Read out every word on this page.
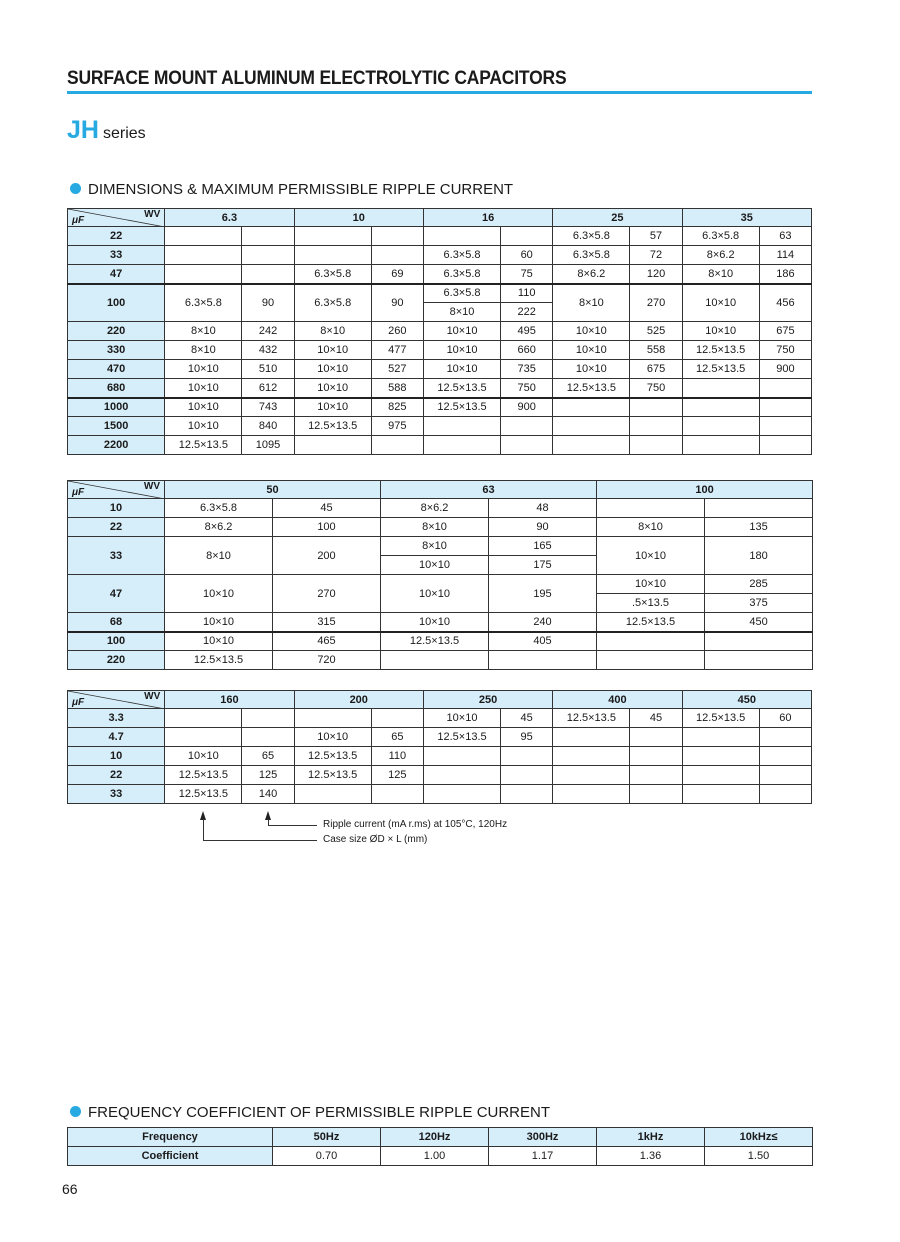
SURFACE MOUNT ALUMINUM ELECTROLYTIC CAPACITORS
JH series
DIMENSIONS & MAXIMUM PERMISSIBLE RIPPLE CURRENT
WV
μF	6.3		10		16		25		35	
22							6.3×5.8	57	6.3×5.8	63
33					6.3×5.8	60	6.3×5.8	72	8×6.2	114
47			6.3×5.8	69	6.3×5.8	75	8×6.2	120	8×10	186
100	6.3×5.8	90	6.3×5.8	90	6.3×5.8	110	8×10	270	10×10	456
					8×10	222				
220	8×10	242	8×10	260	10×10	495	10×10	525	10×10	675
330	8×10	432	10×10	477	10×10	660	10×10	558	12.5×13.5	750
470	10×10	510	10×10	527	10×10	735	10×10	675	12.5×13.5	900
680	10×10	612	10×10	588	12.5×13.5	750	12.5×13.5	750		
1000	10×10	743	10×10	825	12.5×13.5	900				
1500	10×10	840	12.5×13.5	975						
2200	12.5×13.5	1095								
WV
μF	50		63		100	
10	6.3×5.8	45	8×6.2	48		
22	8×6.2	100	8×10	90	8×10	135
33	8×10	200	8×10	165	10×10	180
			10×10	175		
47	10×10	270	10×10	195	10×10	285
					.5×13.5	375
68	10×10	315	10×10	240	12.5×13.5	450
100	10×10	465	12.5×13.5	405		
220	12.5×13.5	720				
WV
μF	160		200		250		400		450	
3.3					10×10	45	12.5×13.5	45	12.5×13.5	60
4.7			10×10	65	12.5×13.5	95				
10	10×10	65	12.5×13.5	110						
22	12.5×13.5	125	12.5×13.5	125						
33	12.5×13.5	140								
Ripple current (mA r.ms) at 105°C, 120Hz
Case size ØD × L (mm)
FREQUENCY COEFFICIENT OF PERMISSIBLE RIPPLE CURRENT
Frequency	50Hz	120Hz	300Hz	1kHz	10kHz≤
Coefficient	0.70	1.00	1.17	1.36	1.50
66
